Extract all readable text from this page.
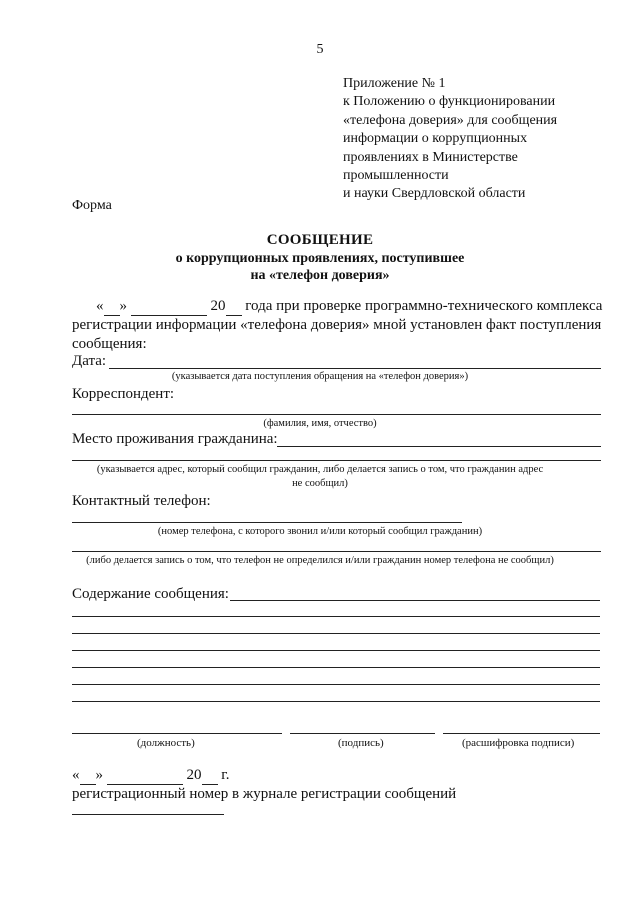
5
Приложение № 1
к Положению о функционировании
«телефона доверия» для сообщения
информации о коррупционных
проявлениях в Министерстве
промышленности
и науки Свердловской области
Форма
СООБЩЕНИЕ
о коррупционных проявлениях, поступившее
на «телефон доверия»
« »	20 года при проверке программно-технического комплекса
регистрации информации «телефона доверия» мной установлен факт поступления
сообщения:
Дата:
(указывается дата поступления обращения на «телефон доверия»)
Корреспондент:
(фамилия, имя, отчество)
Место проживания гражданина:
(указывается адрес, который сообщил гражданин, либо делается запись о том, что гражданин адрес
не сообщил)
Контактный телефон:
(номер телефона, с которого звонил и/или который сообщил гражданин)
(либо делается запись о том, что телефон не определился и/или гражданин номер телефона не сообщил)
Содержание сообщения:
(должность)	(подпись)	(расшифровка подписи)
« »	20 г.
регистрационный номер в журнале регистрации сообщений
